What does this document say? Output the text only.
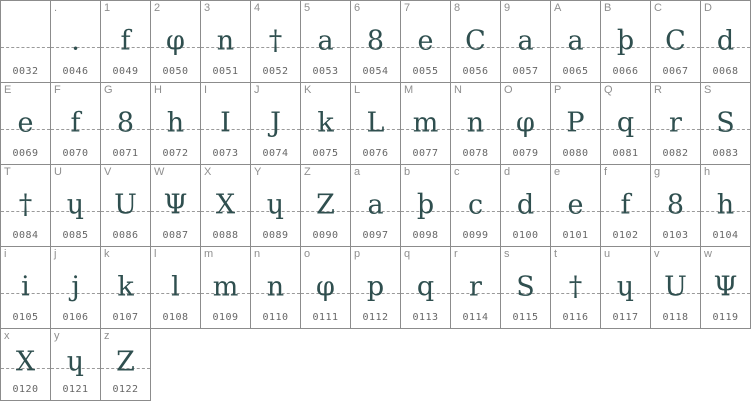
0032
.
.
0046
1
f
0049
2
φ
0050
3
n
0051
4
†
0052
5
a
0053
6
8
0054
7
e
0055
8
C
0056
9
a
0057
A
a
0065
B
þ
0066
C
C
0067
D
d
0068
E
e
0069
F
f
0070
G
8
0071
H
h
0072
I
I
0073
J
J
0074
K
k
0075
L
L
0076
M
m
0077
N
n
0078
O
φ
0079
P
P
0080
Q
q
0081
R
r
0082
S
S
0083
T
†
0084
U
ɥ
0085
V
U
0086
W
Ψ
0087
X
X
0088
Y
ɥ
0089
Z
Z
0090
a
a
0097
b
þ
0098
c
c
0099
d
d
0100
e
e
0101
f
f
0102
g
8
0103
h
h
0104
i
i
0105
j
j
0106
k
k
0107
l
l
0108
m
m
0109
n
n
0110
o
φ
0111
p
p
0112
q
q
0113
r
r
0114
s
S
0115
t
†
0116
u
ɥ
0117
v
U
0118
w
Ψ
0119
x
X
0120
y
ɥ
0121
z
Z
0122
